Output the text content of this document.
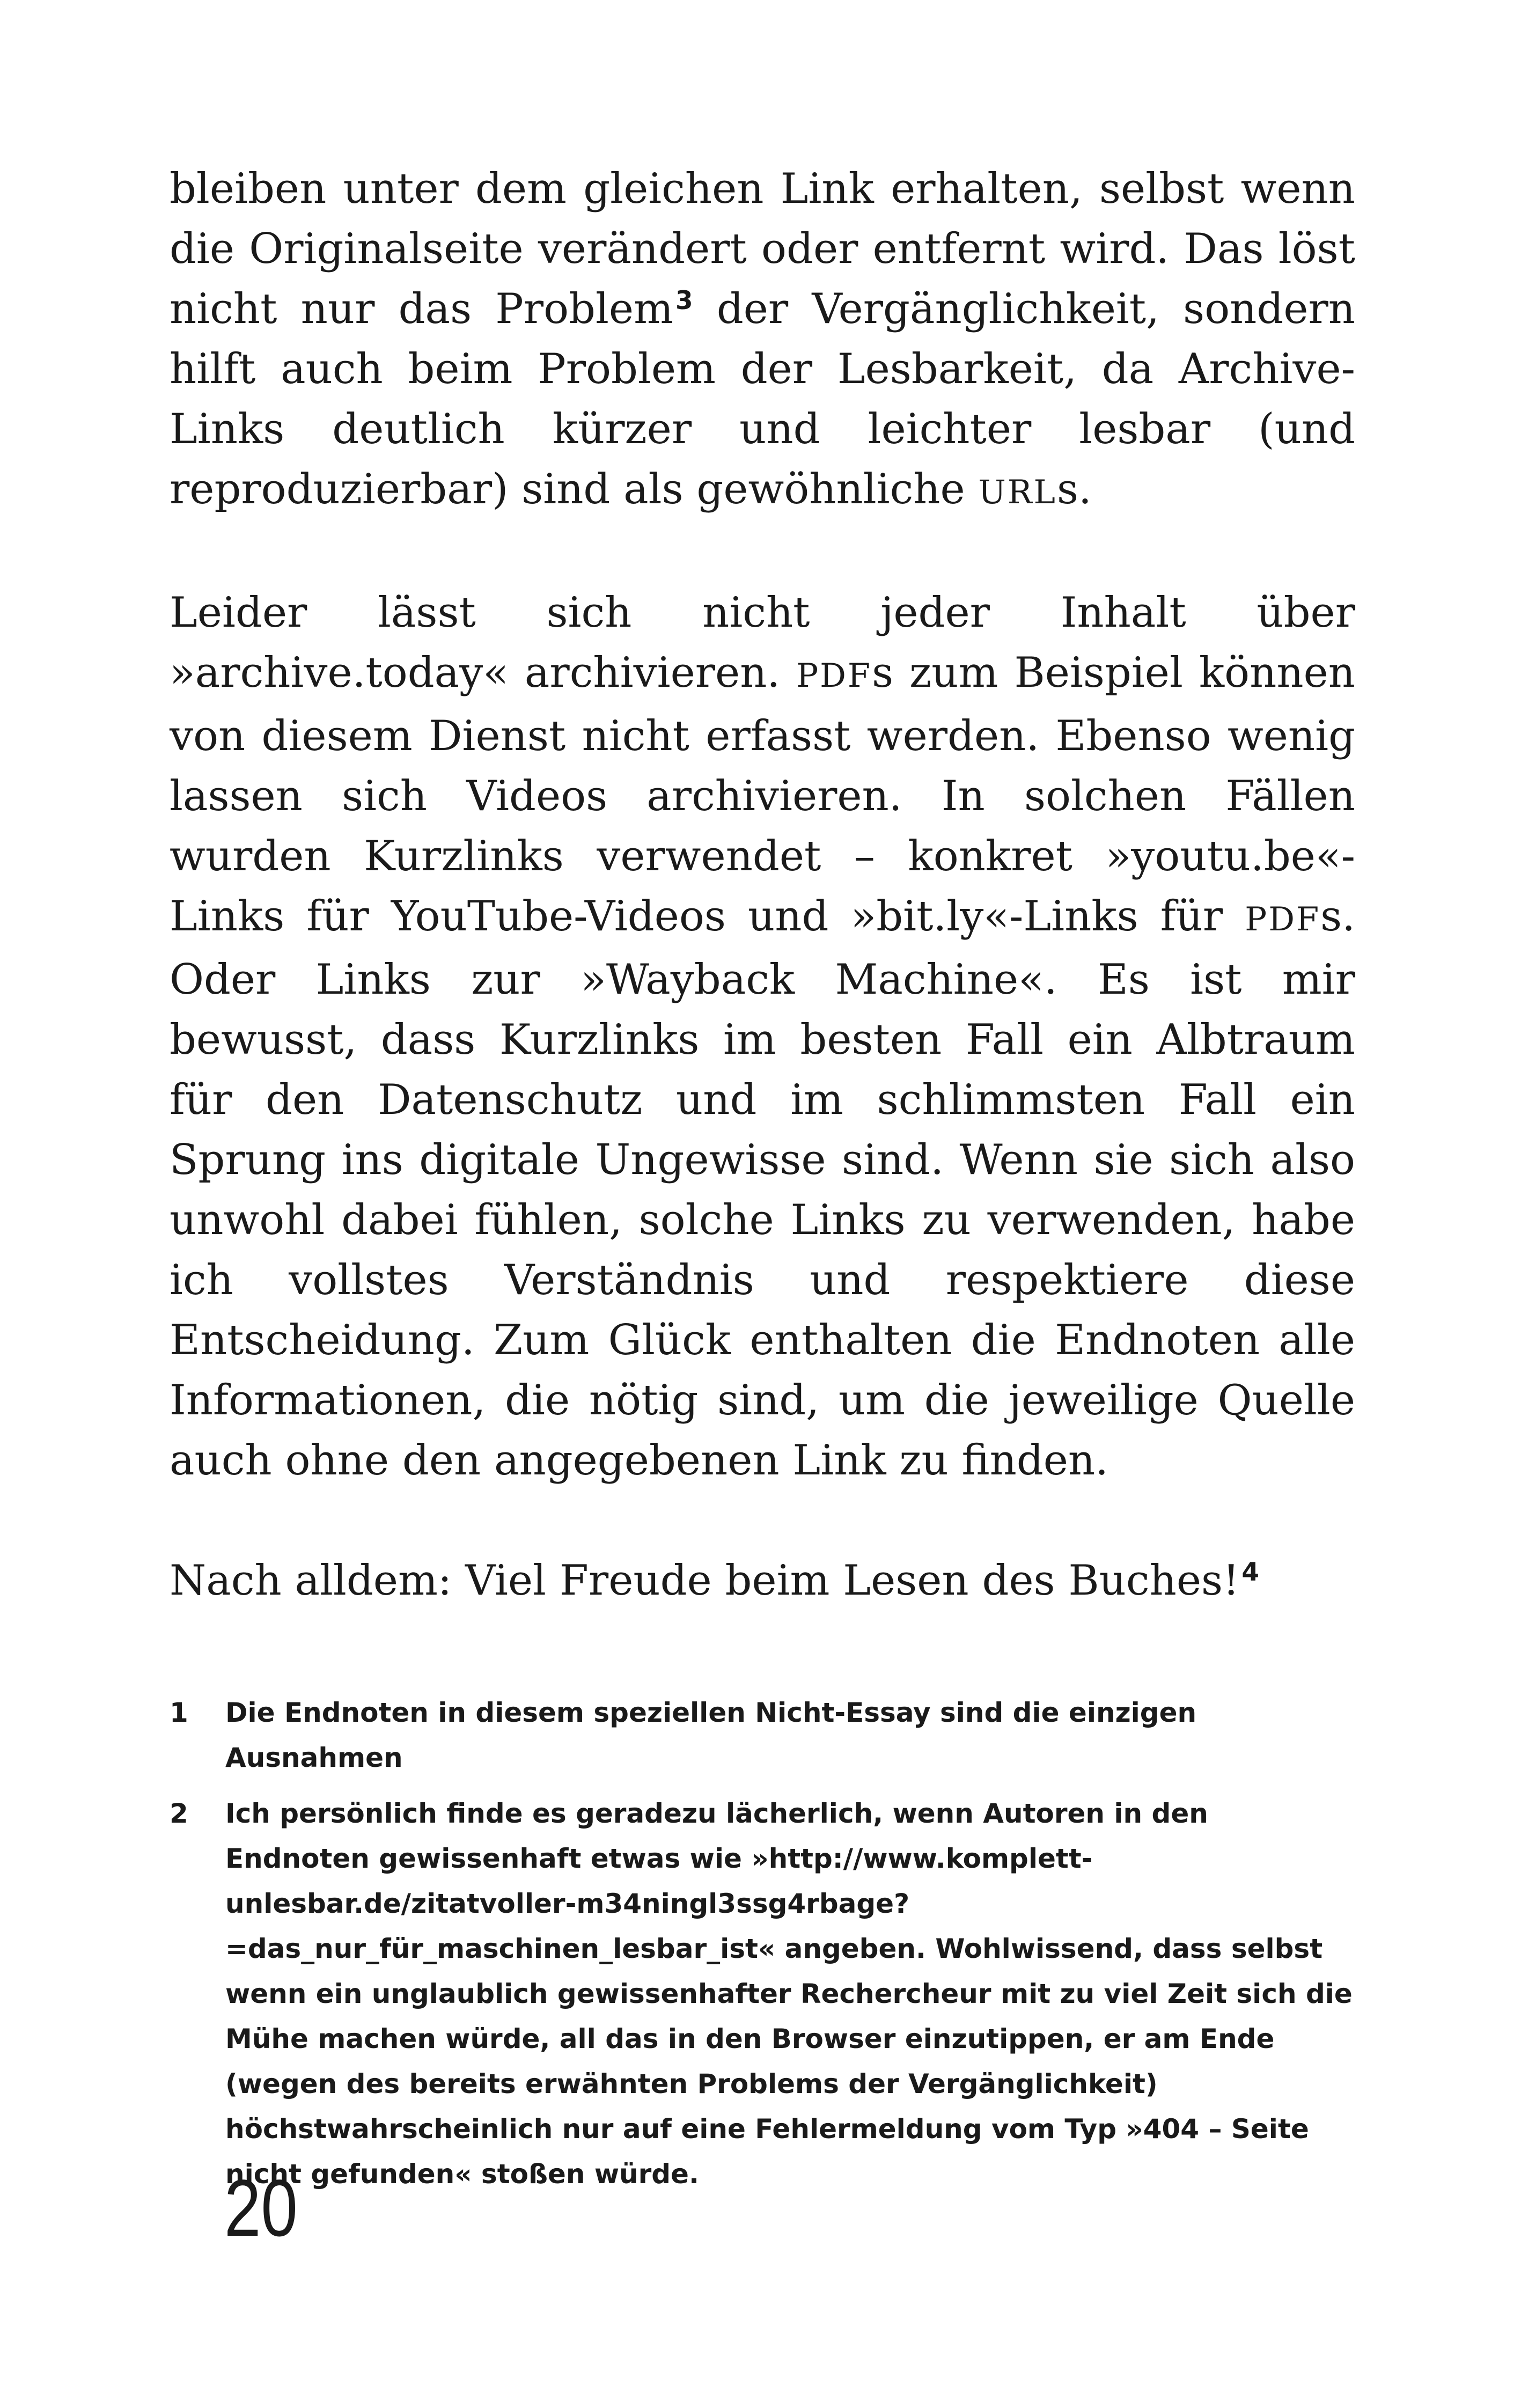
bleiben unter dem gleichen Link erhalten, selbst wenn die Originalseite verändert oder entfernt wird. Das löst nicht nur das Problem$^3$ der Vergänglichkeit, sondern hilft auch beim Problem der Lesbarkeit, da Archive-Links deutlich kürzer und leichter lesbar (und reproduzierbar) sind als gewöhnliche URLs.

Leider lässt sich nicht jeder Inhalt über »archive.today« archivieren. PDFs zum Beispiel können von diesem Dienst nicht erfasst werden. Ebenso wenig lassen sich Videos archivieren. In solchen Fällen wurden Kurzlinks verwendet – konkret »youtu.be«-Links für YouTube-Videos und »bit.ly«-Links für PDFs. Oder Links zur »Wayback Machine«. Es ist mir bewusst, dass Kurzlinks im besten Fall ein Albtraum für den Datenschutz und im schlimmsten Fall ein Sprung ins digitale Ungewisse sind. Wenn sie sich also unwohl dabei fühlen, solche Links zu verwenden, habe ich vollstes Verständnis und respektiere diese Entscheidung. Zum Glück enthalten die Endnoten alle Informationen, die nötig sind, um die jeweilige Quelle auch ohne den angegebenen Link zu finden.

Nach alldem: Viel Freude beim Lesen des Buches!$^4$

1	Die Endnoten in diesem speziellen Nicht-Essay sind die einzigen Ausnahmen
2	Ich persönlich finde es geradezu lächerlich, wenn Autoren in den Endnoten gewissenhaft etwas wie »http://www.komplett-unlesbar.de/zitatvoller-m34ningl3ssg4rbage?=das_nur_für_maschinen_lesbar_ist« angeben. Wohlwissend, dass selbst wenn ein unglaublich gewissenhafter Rechercheur mit zu viel Zeit sich die Mühe machen würde, all das in den Browser einzutippen, er am Ende (wegen des bereits erwähnten Problems der Vergänglichkeit) höchstwahrscheinlich nur auf eine Fehlermeldung vom Typ »404 – Seite nicht gefunden« stoßen würde.
20
